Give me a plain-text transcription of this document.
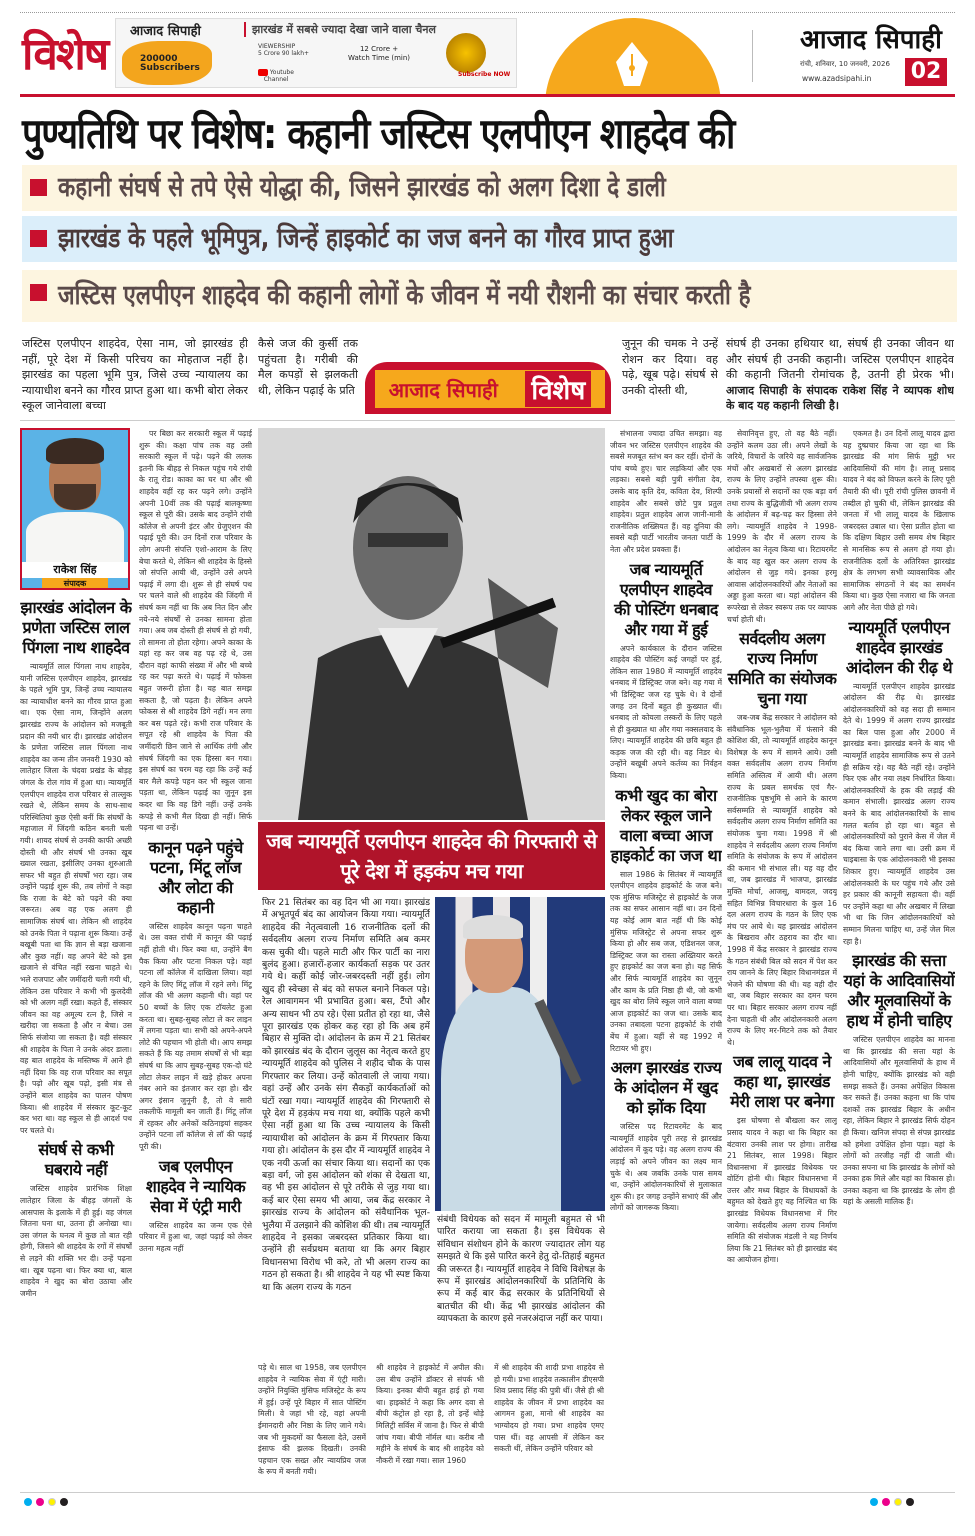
विशेष आजाद सिपाही	झारखंड में सबसे ज्यादा देखा जाने वाला चैनल
200000
Subscribers
VIEWERSHIP
5 Crore 90 lakh+
12 Crore +
Watch Time (min)
Youtube
Channel
Subscribe NOW
आजाद सिपाही
रांची, शनिवार, 10 जनवरी, 2026
www.azadsipahi.in 02
पुण्यतिथि पर विशेष: कहानी जस्टिस एलपीएन शाहदेव की
कहानी संघर्ष से तपे ऐसे योद्धा की, जिसने झारखंड को अलग दिशा दे डाली
झारखंड के पहले भूमिपुत्र, जिन्हें हाइकोर्ट का जज बनने का गौरव प्राप्त हुआ
जस्टिस एलपीएन शाहदेव की कहानी लोगों के जीवन में नयी रौशनी का संचार करती है
जस्टिस एलपीएन शाहदेव, ऐसा नाम, जो झारखंड ही नहीं, पूरे देश में किसी परिचय का मोहताज नहीं है। झारखंड का पहला भूमि पुत्र, जिसे उच्च न्यायालय का न्यायाधीश बनने का गौरव प्राप्त हुआ था। कभी बोरा लेकर स्कूल जानेवाला बच्चा
कैसे जज की कुर्सी तक पहुंचता है। गरीबी की मैल कपड़ों से झलकती थी, लेकिन पढ़ाई के प्रति आजाद सिपाही विशेष
जुनून की चमक ने उन्हें रोशन कर दिया। वह पढ़े, खूब पढ़े। संघर्ष से उनकी दोस्ती थी,
संघर्ष ही उनका हथियार था, संघर्ष ही उनका जीवन था और संघर्ष ही उनकी कहानी। जस्टिस एलपीएन शाहदेव की कहानी जितनी रोमांचक है, उतनी ही प्रेरक भी। आजाद सिपाही के संपादक राकेश सिंह ने व्यापक शोध के बाद यह कहानी लिखी है।
राकेश सिंह
संपादक
झारखंड आंदोलन के प्रणेता जस्टिस लाल पिंगला नाथ शाहदेव

न्यायमूर्ति लाल पिंगला नाथ शाहदेव, यानी जस्टिस एलपीएन शाहदेव, झारखंड के पहले भूमि पुत्र, जिन्हें उच्च न्यायालय का न्यायाधीश बनने का गौरव प्राप्त हुआ था। एक ऐसा नाम, जिन्होंने अलग झारखंड राज्य के आंदोलन को मजबूती प्रदान की नयी धार दी। झारखंड आंदोलन के प्रणेता जस्टिस लाल पिंगला नाथ शाहदेव का जन्म तीन जनवरी 1930 को लातेहार जिला के चंदवा प्रखंड के बोड़ह जंगल के रोल गांव में हुआ था। न्यायमूर्ति एलपीएन शाहदेव राज परिवार से ताल्लुक रखते थे, लेकिन समय के साथ-साथ परिस्थितियां कुछ ऐसी बनीं कि संघर्षों के महाजाल में जिंदगी कठिन बनती चली गयी। शायद संघर्ष से उनकी काफी अच्छी दोस्ती थी और संघर्ष भी उनका खूब ख्याल रखता, इसीलिए उनका शुरुआती सफर भी बहुत ही संघर्षों भरा रहा। जब उन्होंने पढ़ाई शुरू की, तब लोगों ने कहा कि राजा के बेटे को पढ़ने की क्या जरूरत। अब वह एक अलग ही सामाजिक संघर्ष था। लेकिन श्री शाहदेव को उनके पिता ने पढ़ाना शुरू किया। उन्हें बखूबी पता था कि ज्ञान से बड़ा खजाना और कुछ नहीं। वह अपने बेटे को इस खजाने से वंचित नहीं रखना चाहते थे। भले राजपाट और जमींदारी चली गयी थी, लेकिन उस परिवार ने कभी भी कुलदेवी को भी अलग नहीं रखा। कहते हैं, संस्कार जीवन का वह अमूल्य रत्न है, जिसे न खरीदा जा सकता है और न बेचा। उस सिर्फ संजोया जा सकता है। वही संस्कार श्री शाहदेव के पिता ने उनके अंदर डाला। वह बात शाहदेव के मस्तिष्क में आने ही नहीं दिया कि वह राज परिवार का सपूत है। पढ़ो और खूब पढ़ो, इसी मंत्र से उन्होंने बाल शाहदेव का पालन पोषण किया। श्री शाहदेव में संस्कार कूट-कूट कर भरा था। वह स्कूल से ही आदर्श पथ पर चलते थे।

संघर्ष से कभी घबराये नहीं

जस्टिस शाहदेव प्रारंभिक शिक्षा लातेहार जिला के बीहड़ जंगलों के आसपास के इलाके में ही हुई। वह जंगल जितना घना था, उतना ही अनोखा था। उस जंगल के घनत्व में कुछ तो बात रही होगी, जिसने श्री शाहदेव के रगों में संघर्षों से लड़ने की शक्ति भर दी। उन्हें पढ़ना था। खूब पढ़ना था। फिर क्या था, बाल शाहदेव ने खुद का बोरा उठाया और जमीन

पर बिछा कर सरकारी स्कूल में पढ़ाई शुरू की। कक्षा पांच तक वह उसी सरकारी स्कूल में पढ़े। पढ़ने की ललक इतनी कि बीहड़ से निकल पहुंच गये रांची के रातू रोड। काका का घर था और श्री शाहदेव वहीं रह कर पढ़ने लगे। उन्होंने अपनी 10वीं तक की पढ़ाई बालकृष्णा स्कूल से पूरी की। उसके बाद उन्होंने रांची कॉलेज से अपनी इंटर और ग्रेजुएशन की पढ़ाई पूरी की। उन दिनों राज परिवार के लोग अपनी संपत्ति एशो-आराम के लिए बेचा करते थे, लेकिन श्री शाहदेव के हिस्से जो संपत्ति आयी थी, उन्होंने उसे अपने पढ़ाई में लगा दी। शुरू से ही संघर्ष पथ पर चलने वाले श्री शाहदेव की जिंदगी में संघर्ष कम नहीं था कि अब नित दिन और नये-नये संघर्षों से उनका सामना होता गया। अब जब दोस्ती ही संघर्ष से हो गयी, तो सामना तो होता रहेगा। अपने काका के यहां रह कर जब वह पढ़ रहे थे, उस दौरान वहां काफी संख्या में और भी बच्चे रह कर पढ़ा करते थे। पढ़ाई में फोकस बहुत जरूरी होता है। यह बात समझ सकता है, जो पढ़ता है। लेकिन अपने फोकस से श्री शाहदेव डिगे नहीं। मन लगा कर बस पढ़ते रहे। कभी राज परिवार के सपूत रहे श्री शाहदेव के पिता की जमींदारी छिन जाने से आर्थिक तंगी और संघर्ष जिंदगी का एक हिस्सा बन गया। इस संघर्ष का चरम यह रहा कि उन्हें कई बार मैले कपड़े पहन कर भी स्कूल जाना पड़ता था, लेकिन पढ़ाई का जुनून इस कदर था कि वह डिगे नहीं। उन्हें उनके कपड़े से कभी मैल दिखा ही नहीं। सिर्फ पढ़ना था उन्हें।

कानून पढ़ने पहुंचे पटना, मिंटू लॉज और लोटा की कहानी

जस्टिस शाहदेव कानून पढ़ना चाहते थे। उस वक्त रांची में कानून की पढ़ाई नहीं होती थी। फिर क्या था, उन्होंने बैग पैक किया और पटना निकल पड़े। वहां पटना लॉ कॉलेज में दाखिला लिया। वहां रहने के लिए मिंटू लॉज में रहने लगे। मिंटू लॉज की भी अलग कहानी थी। वहां पर 50 बच्चों के लिए एक टॉयलेट हुआ करता था। सुबह-सुबह लोटा ले कर लाइन में लगना पड़ता था। सभी को अपने-अपने लोटे की पहचान भी होती थी। आप समझ सकते हैं कि यह तमाम संघर्षों से भी बड़ा संघर्ष था कि आप सुबह-सुबह एक-दो घंटे लोटा लेकर लाइन में खड़े होकर अपना नंबर आने का इंतजार कर रहा हो। खैर अगर इंसान जुनूनी है, तो वे सारी तकलीफें मामूली बन जाती हैं। मिंटू लॉज में रहकर और अनेकों कठिनाइयां सहकर उन्होंने पटना लॉ कॉलेज से लॉ की पढ़ाई पूरी की।

जब एलपीएन शाहदेव ने न्यायिक सेवा में एंट्री मारी

जस्टिस शाहदेव का जन्म एक ऐसे परिवार में हुआ था, जहां पढ़ाई को लेकर उतना महत्व नहीं

जब न्यायमूर्ति एलपीएन शाहदेव की गिरफ्तारी से पूरे देश में हड़कंप मच गया
फिर 21 सितंबर का वह दिन भी आ गया। झारखंड में अभूतपूर्व बंद का आयोजन किया गया। न्यायमूर्ति शाहदेव की नेतृत्ववाली 16 राजनीतिक दलों की सर्वदलीय अलग राज्य निर्माण समिति अब कमर कस चुकी थी। पहले माटी और फिर पार्टी का नारा बुलंद हुआ। हजारों-हजार कार्यकर्ता सड़क पर उतर गये थे। कहीं कोई जोर-जबरदस्ती नहीं हुई। लोग खुद ही स्वेच्छा से बंद को सफल बनाने निकल पड़े। रेल आवागमन भी प्रभावित हुआ। बस, टैंपो और अन्य साधन भी ठप रहे। ऐसा प्रतीत हो रहा था, जैसे पूरा झारखंड एक होकर कह रहा हो कि अब हमें बिहार से मुक्ति दो। आंदोलन के क्रम में 21 सितंबर को झारखंड बंद के दौरान जुलूस का नेतृत्व करते हुए न्यायमूर्ति शाहदेव को पुलिस ने शहीद चौक के पास गिरफ्तार कर लिया। उन्हें कोतवाली ले जाया गया। वहां उन्हें और उनके संग सैकड़ों कार्यकर्ताओं को घंटों रखा गया। न्यायमूर्ति शाहदेव की गिरफ्तारी से पूरे देश में हड़कंप मच गया था, क्योंकि पहले कभी ऐसा नहीं हुआ था कि उच्च न्यायालय के किसी न्यायाधीश को आंदोलन के क्रम में गिरफ्तार किया गया हो। आंदोलन के इस दौर में न्यायमूर्ति शाहदेव ने एक नयी ऊर्जा का संचार किया था। सदानों का एक बड़ा वर्ग, जो इस आंदोलन को शंका से देखता था, वह भी इस आंदोलन से पूरे तरीके से जुड़ गया था। कई बार ऐसा समय भी आया, जब केंद्र सरकार ने झारखंड राज्य के आंदोलन को संवैधानिक भूल-भुलैया में उलझाने की कोशिश की थी। तब न्यायमूर्ति शाहदेव ने इसका जबरदस्त प्रतिकार किया था। उन्होंने ही सर्वप्रथम बताया था कि अगर बिहार विधानसभा विरोध भी करे, तो भी अलग राज्य का गठन हो सकता है। श्री शाहदेव ने यह भी स्पष्ट किया था कि अलग राज्य के गठन
संबंधी विधेयक को सदन में मामूली बहुमत से भी पारित कराया जा सकता है। इस विधेयक से संविधान संशोधन होने के कारण ज्यादातर लोग यह समझते थे कि इसे पारित करने हेतु दो-तिहाई बहुमत की जरूरत है। न्यायमूर्ति शाहदेव ने विधि विशेषज्ञ के रूप में झारखंड आंदोलनकारियों के प्रतिनिधि के रूप में कई बार केंद्र सरकार के प्रतिनिधियों से बातचीत की थी। केंद्र भी झारखंड आंदोलन की व्यापकता के कारण इसे नजरअंदाज नहीं कर पाया।
पड़े थे। साल था 1958, जब एलपीएन शाहदेव ने न्यायिक सेवा में एंट्री मारी। उन्होंने नियुक्ति मुंसिफ मजिस्ट्रेट के रूप में हुई। उन्हें पूरे बिहार में सात पोस्टिंग मिली। वे जहां भी रहे, वहां अपनी ईमानदारी और निष्ठा के लिए जाने गये। जब भी मुकदमों का फैसला देते, उसमें इंसाफ की झलक दिखती। उनकी पहचान एक सख्त और न्यायप्रिय जज के रूप में बनती गयी।
श्री शाहदेव ने हाइकोर्ट में अपील की। उस बीच उन्होंने डॉक्टर से संपर्क भी किया। इनका बीपी बहुत हाई हो गया था। हाइकोर्ट ने कहा कि अगर दवा से बीपी कंट्रोल हो रहा है, तो इन्हें थोड़े मिलिट्री सर्विस में जाना है। फिर से बीपी जांच गया। बीपी नॉर्मल था। करीब नौ महीने के संघर्ष के बाद श्री शाहदेव को नौकरी में रखा गया। साल 1960
में श्री शाहदेव की शादी प्रभा शाहदेव से हो गयी। प्रभा शाहदेव तत्कालीन डीएसपी शिव प्रसाद सिंह की पुत्री थीं। जैसे ही श्री शाहदेव के जीवन में प्रभा शाहदेव का आगमन हुआ, मानो श्री शाहदेव का भाग्योदय हो गया। प्रभा शाहदेव एमए पास थीं। वह आपसी में लेकिन कर सकती थीं, लेकिन उन्होंने परिवार को

संभालना ज्यादा उचित समझा। वह जीवन भर जस्टिस एलपीएन शाहदेव की सबसे मजबूत स्तंभ बन कर रहीं। दोनों के पांच बच्चे हुए। चार लड़कियां और एक लड़का। सबसे बड़ी पुत्री संगीता देव, उसके बाद कृति देव, कविता देव, शिल्पी शाहदेव और सबसे छोटे पुत्र प्रतुल शाहदेव। प्रतुल शाहदेव आज जानी-मानी राजनीतिक शख्सियत हैं। वह दुनिया की सबसे बड़ी पार्टी भारतीय जनता पार्टी के नेता और प्रदेश प्रवक्ता हैं।

जब न्यायमूर्ति एलपीएन शाहदेव की पोस्टिंग धनबाद और गया में हुई

अपने कार्यकाल के दौरान जस्टिस शाहदेव की पोस्टिंग कई जगहों पर हुई, लेकिन साल 1980 में न्यायमूर्ति शाहदेव धनबाद में डिस्ट्रिक्ट जज बने। वह गया में भी डिस्ट्रिक्ट जज रह चुके थे। वे दोनों जगह उन दिनों बहुत ही कुख्यात थीं। धनबाद तो कोयला तस्करों के लिए पहले से ही कुख्यात था और गया नक्सलवाद के लिए। न्यायमूर्ति शाहदेव की छवि बहुत ही कड़क जज की रही थी। वह निडर थे। उन्होंने बखूबी अपने कर्तव्य का निर्वहन किया।

कभी खुद का बोरा लेकर स्कूल जाने वाला बच्चा आज हाइकोर्ट का जज था

साल 1986 के सितंबर में न्यायमूर्ति एलपीएन शाहदेव हाइकोर्ट के जज बने। एक मुंसिफ मजिस्ट्रेट से हाइकोर्ट के जज तक का सफर आसान नहीं था। उन दिनों यह कोई आम बात नहीं थी कि कोई मुंसिफ मजिस्ट्रेट से अपना सफर शुरू किया हो और सब जज, एडिशनल जज, डिस्ट्रिक्ट जज का रास्ता अख्तियार करते हुए हाइकोर्ट का जज बना हो। यह सिर्फ और सिर्फ न्यायमूर्ति शाहदेव का जुनून और काम के प्रति निष्ठा ही थी, जो कभी खुद का बोरा लिये स्कूल जाने वाला बच्चा आज हाइकोर्ट का जज था। उसके बाद उनका तबादला पटना हाइकोर्ट के रांची बेंच में हुआ। यहीं से वह 1992 में रिटायर भी हुए।

अलग झारखंड राज्य के आंदोलन में खुद को झोंक दिया

जस्टिस पद रिटायरमेंट के बाद न्यायमूर्ति शाहदेव पूरी तरह से झारखंड आंदोलन में कूद पड़े। वह अलग राज्य की लड़ाई को अपने जीवन का लक्ष्य मान चुके थे। अब जबकि उनके पास समय था, उन्होंने आंदोलनकारियों से मुलाकात शुरू की। हर जगह उन्होंने सभाएं कीं और लोगों को जागरूक किया।

सेवानिवृत्त हुए, तो वह बैठे नहीं। उन्होंने कलम उठा ली। अपने लेखों के जरिये, विचारों के जरिये वह सार्वजनिक मंचों और अखबारों से अलग झारखंड राज्य के लिए उन्होंने तपस्या शुरू की। उनके प्रयासों से सदानों का एक बड़ा वर्ग तथा राज्य के बुद्धिजीवी भी अलग राज्य के आंदोलन में बढ़-चढ़ कर हिस्सा लेने लगे। न्यायमूर्ति शाहदेव ने 1998-1999 के दौर में अलग राज्य के आंदोलन का नेतृत्व किया था। रिटायरमेंट के बाद वह खुल कर अलग राज्य के आंदोलन से जुड़ गये। इनका हरमू आवास आंदोलनकारियों और नेताओं का अड्डा हुआ करता था। यहां आंदोलन की रूपरेखा से लेकर स्वरूप तक पर व्यापक चर्चा होती थी।

सर्वदलीय अलग राज्य निर्माण समिति का संयोजक चुना गया

जब-जब केंद्र सरकार ने आंदोलन को संवैधानिक भूल-भुलैया में फंसाने की कोशिश की, तो न्यायमूर्ति शाहदेव कानून विशेषज्ञ के रूप में सामने आये। उसी वक्त सर्वदलीय अलग राज्य निर्माण समिति अस्तित्व में आयी थी। अलग राज्य के प्रबल समर्थक एवं गैर-राजनीतिक पृष्ठभूमि से आने के कारण सर्वसम्मति से न्यायमूर्ति शाहदेव को सर्वदलीय अलग राज्य निर्माण समिति का संयोजक चुना गया। 1998 में श्री शाहदेव ने सर्वदलीय अलग राज्य निर्माण समिति के संयोजक के रूप में आंदोलन की कमान भी संभाल ली। यह वह दौर था, जब झारखंड में भाजपा, झारखंड मुक्ति मोर्चा, आजसू, बामदल, जदयू सहित विभिन्न विचारधारा के कुल 16 दल अलग राज्य के गठन के लिए एक मंच पर आये थे। यह झारखंड आंदोलन के बिखराव और ठहराव का दौर था। 1998 में केंद्र सरकार ने झारखंड राज्य के गठन संबंधी बिल को सदन में पेश कर राय जानने के लिए बिहार विधानमंडल में भेजने की घोषणा की थी। यह वही दौर था, जब बिहार सरकार का दमन चरम पर था। बिहार सरकार अलग राज्य नहीं देना चाहती थी और आंदोलनकारी अलग राज्य के लिए मर-मिटने तक को तैयार थे।

जब लालू यादव ने कहा था, झारखंड मेरी लाश पर बनेगा

इस घोषणा से बौखला कर लालू प्रसाद यादव ने कहा था कि बिहार का बंटवारा उनकी लाश पर होगा। तारीख 21 सितंबर, साल 1998। बिहार विधानसभा में झारखंड विधेयक पर वोटिंग होनी थी। बिहार विधानसभा में उत्तर और मध्य बिहार के विधायकों के बहुमत को देखते हुए यह निश्चित था कि झारखंड विधेयक विधानसभा में गिर जायेगा। सर्वदलीय अलग राज्य निर्माण समिति की संयोजक मंडली ने यह निर्णय लिया कि 21 सितंबर को ही झारखंड बंद का आयोजन होगा।

एकमत है। उन दिनों लालू यादव द्वारा यह दुष्प्रचार किया जा रहा था कि झारखंड की मांग सिर्फ मुट्ठी भर आदिवासियों की मांग है। लालू प्रसाद यादव ने बंद को विफल करने के लिए पूरी तैयारी की थी। पूरी रांची पुलिस छावनी में तब्दील हो चुकी थी, लेकिन झारखंड की जनता में भी लालू यादव के खिलाफ जबरदस्त उबाल था। ऐसा प्रतीत होता था कि दक्षिण बिहार उसी समय शेष बिहार से मानसिक रूप से अलग हो गया हो। राजनीतिक दलों के अतिरिक्त झारखंड क्षेत्र के लगभग सभी व्यावसायिक और सामाजिक संगठनों ने बंद का समर्थन किया था। कुछ ऐसा नजारा था कि जनता आगे और नेता पीछे हो गये।

न्यायमूर्ति एलपीएन शाहदेव झारखंड आंदोलन की रीढ़ थे

न्यायमूर्ति एलपीएन शाहदेव झारखंड आंदोलन की रीढ़ थे। झारखंड आंदोलनकारियों को वह सदा ही सम्मान देते थे। 1999 में अलग राज्य झारखंड का बिल पास हुआ और 2000 में झारखंड बना। झारखंड बनने के बाद भी न्यायमूर्ति शाहदेव सामाजिक रूप से उतने ही सक्रिय रहे। वह बैठे नहीं रहे। उन्होंने फिर एक और नया लक्ष्य निर्धारित किया। आंदोलनकारियों के हक की लड़ाई की कमान संभाली। झारखंड अलग राज्य बनने के बाद आंदोलनकारियों के साथ गलत बर्ताव हो रहा था। बहुत से आंदोलनकारियों को पुराने केस में जेल में बंद किया जाने लगा था। उसी क्रम में चाइबासा के एक आंदोलनकारी भी इसका शिकार हुए। न्यायमूर्ति शाहदेव उस आंदोलनकारी के घर पहुंच गये और उसे हर प्रकार की कानूनी सहायता दी। वहीं पर उन्होंने कहा था और अखबार में लिखा भी था कि जिन आंदोलनकारियों को सम्मान मिलना चाहिए था, उन्हें जेल मिल रहा है।

झारखंड की सत्ता यहां के आदिवासियों और मूलवासियों के हाथ में होनी चाहिए

जस्टिस एलपीएन शाहदेव का मानना था कि झारखंड की सत्ता यहां के आदिवासियों और मूलवासियों के हाथ में होनी चाहिए, क्योंकि झारखंड को वही समझ सकते हैं। उनका अपेक्षित विकास कर सकते हैं। उनका कहना था कि पांच दशकों तक झारखंड बिहार के अधीन रहा, लेकिन बिहार ने झारखंड सिर्फ दोहन ही किया। खनिज संपदा से संपन्न झारखंड को हमेशा उपेक्षित होना पड़ा। यहां के लोगों को तरजीह नहीं दी जाती थी। उनका सपना था कि झारखंड के लोगों को उनका हक मिले और यहां का विकास हो। उनका कहना था कि झारखंड के लोग ही यहां के असली मालिक हैं।
